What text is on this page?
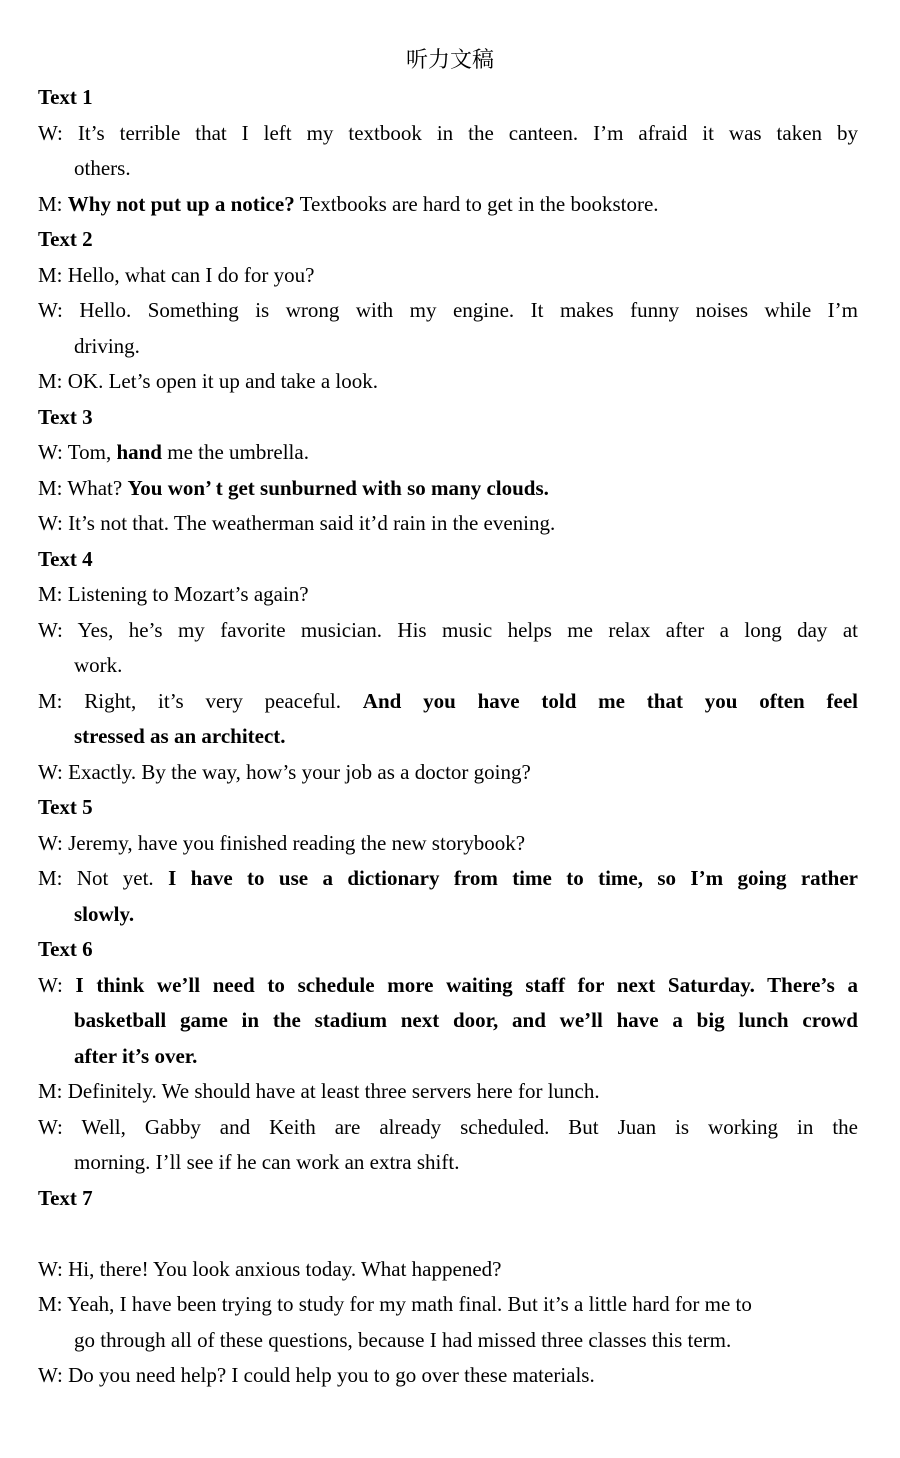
听力文稿
Text 1
W: It’s terrible that I left my textbook in the canteen. I’m afraid it was taken by
others.
M: Why not put up a notice? Textbooks are hard to get in the bookstore.
Text 2
M: Hello, what can I do for you?
W: Hello. Something is wrong with my engine. It makes funny noises while I’m
driving.
M: OK. Let’s open it up and take a look.
Text 3
W: Tom, hand me the umbrella.
M: What? You won’ t get sunburned with so many clouds.
W: It’s not that. The weatherman said it’d rain in the evening.
Text 4
M: Listening to Mozart’s again?
W: Yes, he’s my favorite musician. His music helps me relax after a long day at
work.
M: Right, it’s very peaceful. And you have told me that you often feel
stressed as an architect.
W: Exactly. By the way, how’s your job as a doctor going?
Text 5
W: Jeremy, have you finished reading the new storybook?
M: Not yet. I have to use a dictionary from time to time, so I’m going rather
slowly.
Text 6
W: I think we’ll need to schedule more waiting staff for next Saturday. There’s a
basketball game in the stadium next door, and we’ll have a big lunch crowd
after it’s over.
M: Definitely. We should have at least three servers here for lunch.
W: Well, Gabby and Keith are already scheduled. But Juan is working in the
morning. I’ll see if he can work an extra shift.
Text 7
W: Hi, there! You look anxious today. What happened?
M: Yeah, I have been trying to study for my math final. But it’s a little hard for me to
go through all of these questions, because I had missed three classes this term.
W: Do you need help? I could help you to go over these materials.
